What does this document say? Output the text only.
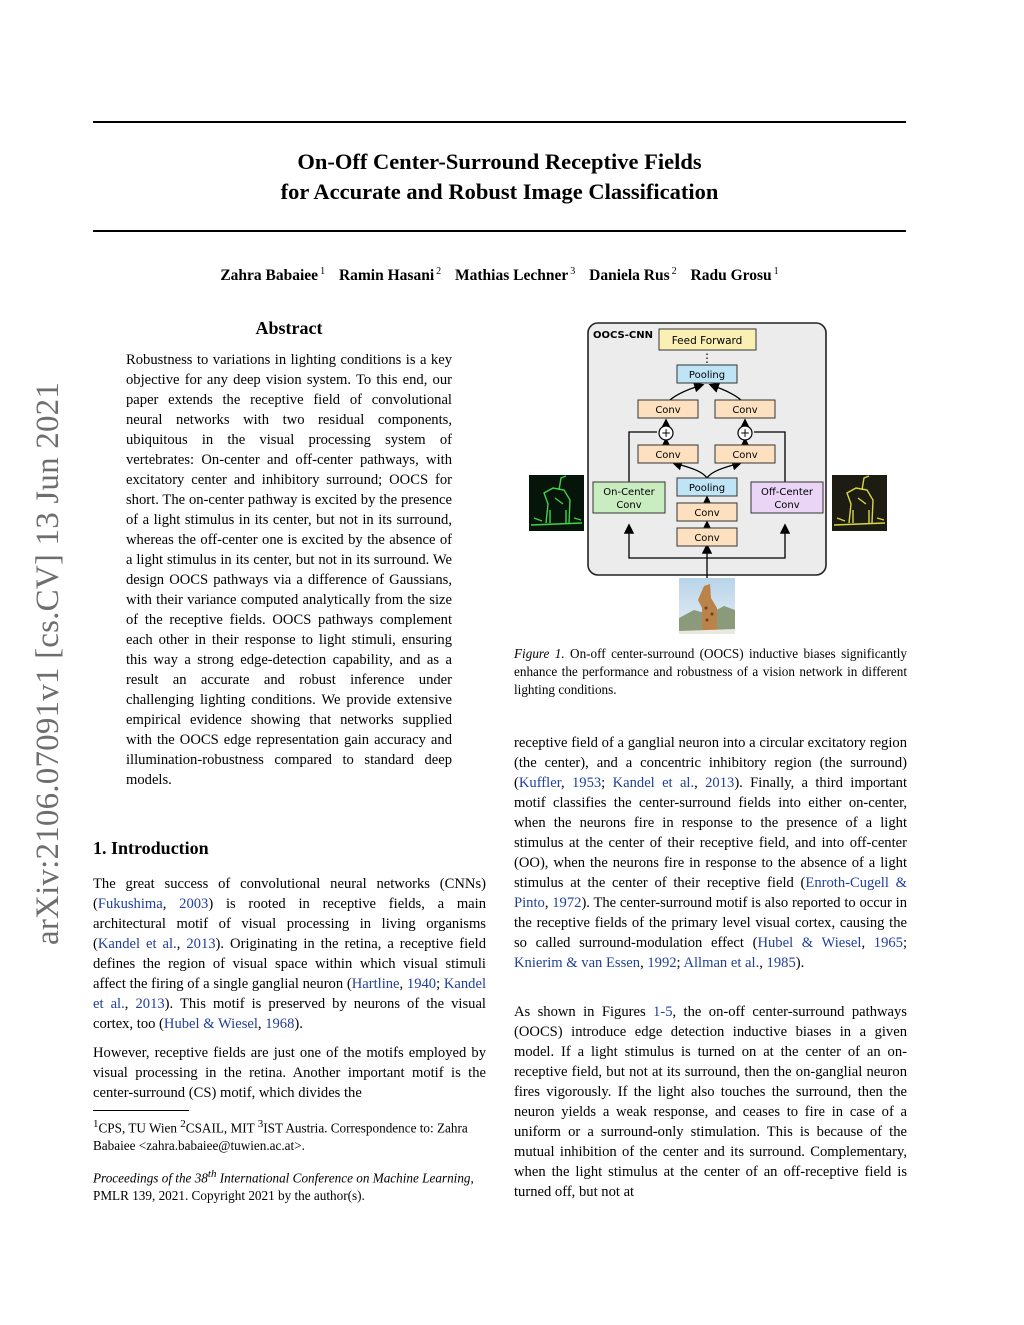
On-Off Center-Surround Receptive Fields
for Accurate and Robust Image Classification
Zahra Babaiee $^1$ Ramin Hasani $^2$ Mathias Lechner $^3$ Daniela Rus $^2$ Radu Grosu $^1$
arXiv:2106.07091v1 [cs.CV] 13 Jun 2021
Abstract
Robustness to variations in lighting conditions is a key objective for any deep vision system. To this end, our paper extends the receptive field of convolutional neural networks with two residual components, ubiquitous in the visual processing system of vertebrates: On-center and off-center pathways, with excitatory center and inhibitory surround; OOCS for short. The on-center pathway is excited by the presence of a light stimulus in its center, but not in its surround, whereas the off-center one is excited by the absence of a light stimulus in its center, but not in its surround. We design OOCS pathways via a difference of Gaussians, with their variance computed analytically from the size of the receptive fields. OOCS pathways complement each other in their response to light stimuli, ensuring this way a strong edge-detection capability, and as a result an accurate and robust inference under challenging lighting conditions. We provide extensive empirical evidence showing that networks supplied with the OOCS edge representation gain accuracy and illumination-robustness compared to standard deep models.
1. Introduction
The great success of convolutional neural networks (CNNs) (Fukushima, 2003) is rooted in receptive fields, a main architectural motif of visual processing in living organisms (Kandel et al., 2013). Originating in the retina, a receptive field defines the region of visual space within which visual stimuli affect the firing of a single ganglial neuron (Hartline, 1940; Kandel et al., 2013). This motif is preserved by neurons of the visual cortex, too (Hubel & Wiesel, 1968).
However, receptive fields are just one of the motifs employed by visual processing in the retina. Another important motif is the center-surround (CS) motif, which divides the
$^1$CPS, TU Wien $^2$CSAIL, MIT $^3$IST Austria. Correspondence to: Zahra Babaiee <zahra.babaiee@tuwien.ac.at>.
Proceedings of the 38th International Conference on Machine Learning, PMLR 139, 2021. Copyright 2021 by the author(s).
OOCS-CNN Feed Forward
⋮
Pooling
Conv	Conv
+	+
Conv	Conv
On-Center
Conv
Pooling	Off-Center
Conv
Conv
Conv
Figure 1. On-off center-surround (OOCS) inductive biases significantly enhance the performance and robustness of a vision network in different lighting conditions.
receptive field of a ganglial neuron into a circular excitatory region (the center), and a concentric inhibitory region (the surround) (Kuffler, 1953; Kandel et al., 2013). Finally, a third important motif classifies the center-surround fields into either on-center, when the neurons fire in response to the presence of a light stimulus at the center of their receptive field, and into off-center (OO), when the neurons fire in response to the absence of a light stimulus at the center of their receptive field (Enroth-Cugell & Pinto, 1972). The center-surround motif is also reported to occur in the receptive fields of the primary level visual cortex, causing the so called surround-modulation effect (Hubel & Wiesel, 1965; Knierim & van Essen, 1992; Allman et al., 1985).
As shown in Figures 1-5, the on-off center-surround pathways (OOCS) introduce edge detection inductive biases in a given model. If a light stimulus is turned on at the center of an on-receptive field, but not at its surround, then the on-ganglial neuron fires vigorously. If the light also touches the surround, then the neuron yields a weak response, and ceases to fire in case of a uniform or a surround-only stimulation. This is because of the mutual inhibition of the center and its surround. Complementary, when the light stimulus at the center of an off-receptive field is turned off, but not at
